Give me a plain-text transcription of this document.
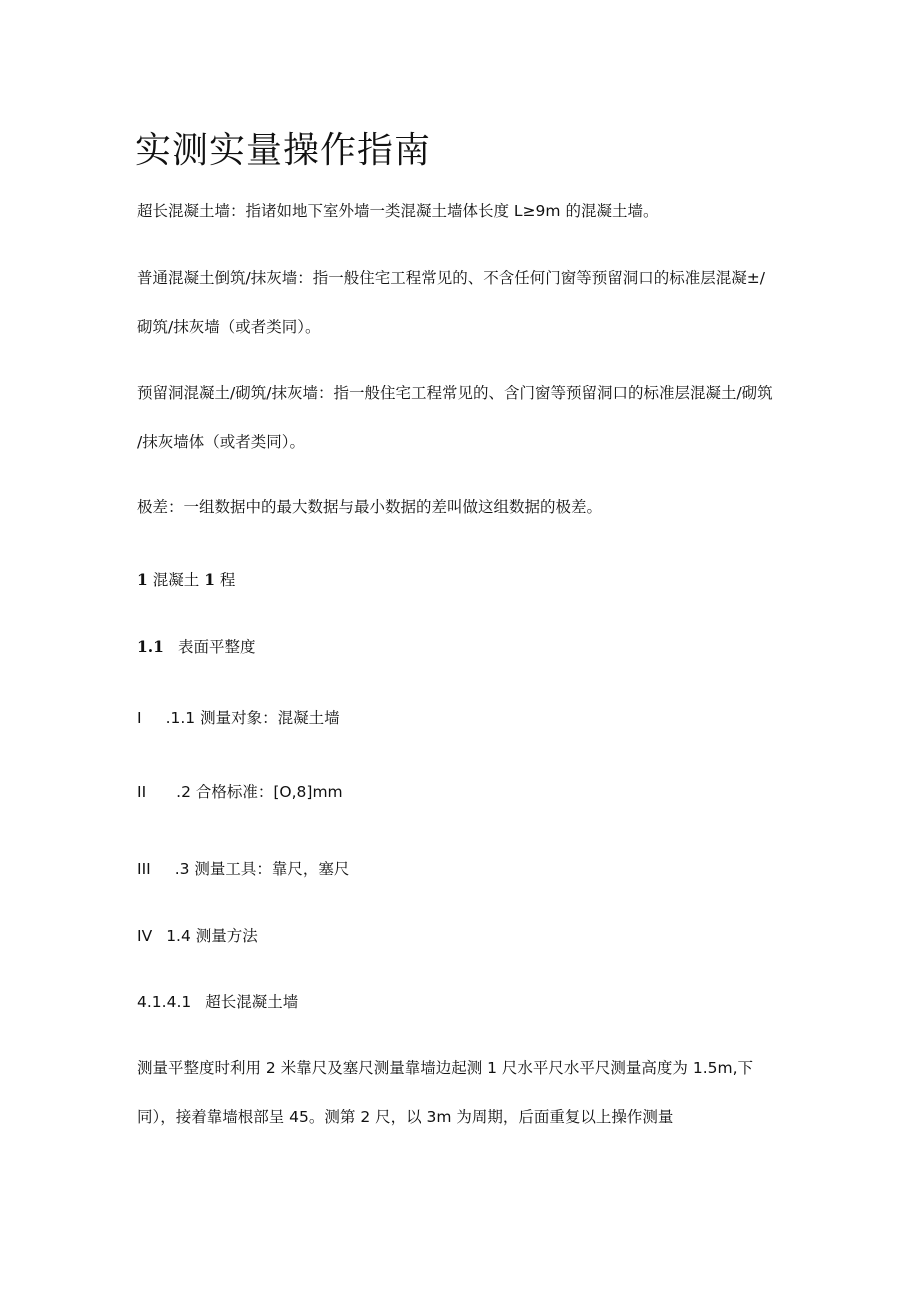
实测实量操作指南

超长混凝土墙：指诸如地下室外墙一类混凝土墙体长度 L≥9m 的混凝土墙。

普通混凝土倒筑/抹灰墙：指一般住宅工程常见的、不含任何门窗等预留洞口的标准层混凝±/

砌筑/抹灰墙（或者类同）。

预留洞混凝土/砌筑/抹灰墙：指一般住宅工程常见的、含门窗等预留洞口的标准层混凝土/砌筑

/抹灰墙体（或者类同）。

极差：一组数据中的最大数据与最小数据的差叫做这组数据的极差。

1 混凝土 1 程

1.1 表面平整度

I .1.1 测量对象：混凝土墙

II .2 合格标准：[O,8]mm

III .3 测量工具：靠尺，塞尺

IV 1.4 测量方法

4.1.4.1 超长混凝土墙

测量平整度时利用 2 米靠尺及塞尺测量靠墙边起测 1 尺水平尺水平尺测量高度为 1.5m,下

同），接着靠墙根部呈 45。测第 2 尺，以 3m 为周期，后面重复以上操作测量
